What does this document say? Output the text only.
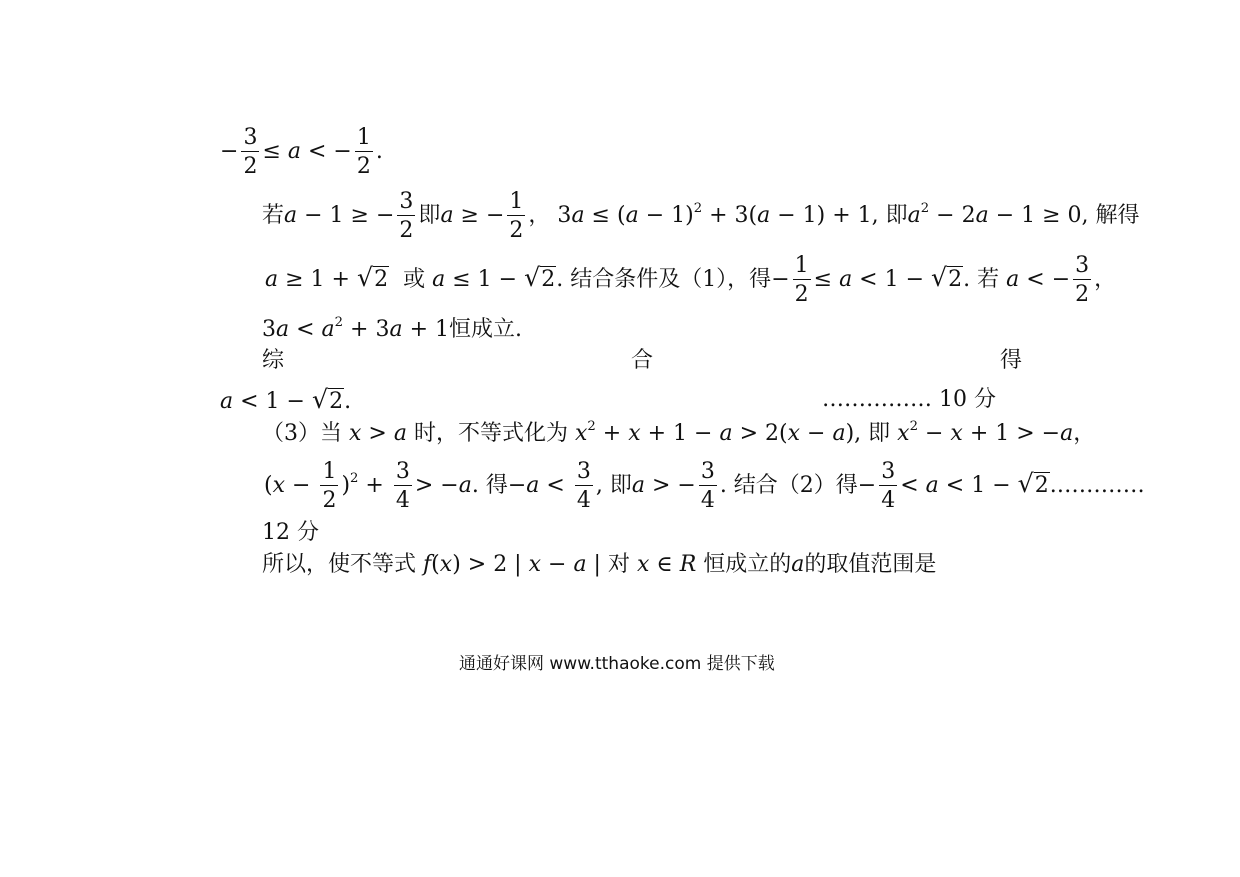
− $\frac{3}{2} \le a$ < − $\frac{1}{2}$ .
若a − 1 ≥ − $\frac{3}{2}$ 即a ≥ − $\frac{1}{2}$ ， $3a \le (a - 1)^2 + 3(a - 1) + 1$, 即$a^2 - 2a - 1 \ge 0$, 解得
a ≥ 1 + √2 或 a ≤ 1 − √2. 结合条件及（1），得− $\frac{1}{2} \le a < 1 - √2$. 若 a < − $\frac{3}{2}$ ，
$3a < a^2 + 3a + 1$恒成立.
综	合	得
a < 1 − √2.	…………… 10 分
（3）当 x > a 时，不等式化为 $x^2 + x + 1 - a > 2(x - a)$, 即 $x^2 - x + 1 > -a$，
$(x - \frac{1}{2} )^2 + \frac{3}{4} > -a$. 得$-a < \frac{3}{4}$ , 即a > − $\frac{3}{4}$ . 结合（2）得− $\frac{3}{4} < a < 1$ − √2.…………
12 分
所以，使不等式 f(x) > 2 | x − a | 对 x ∈ R 恒成立的a的取值范围是
通通好课网 www.tthaoke.com 提供下载
